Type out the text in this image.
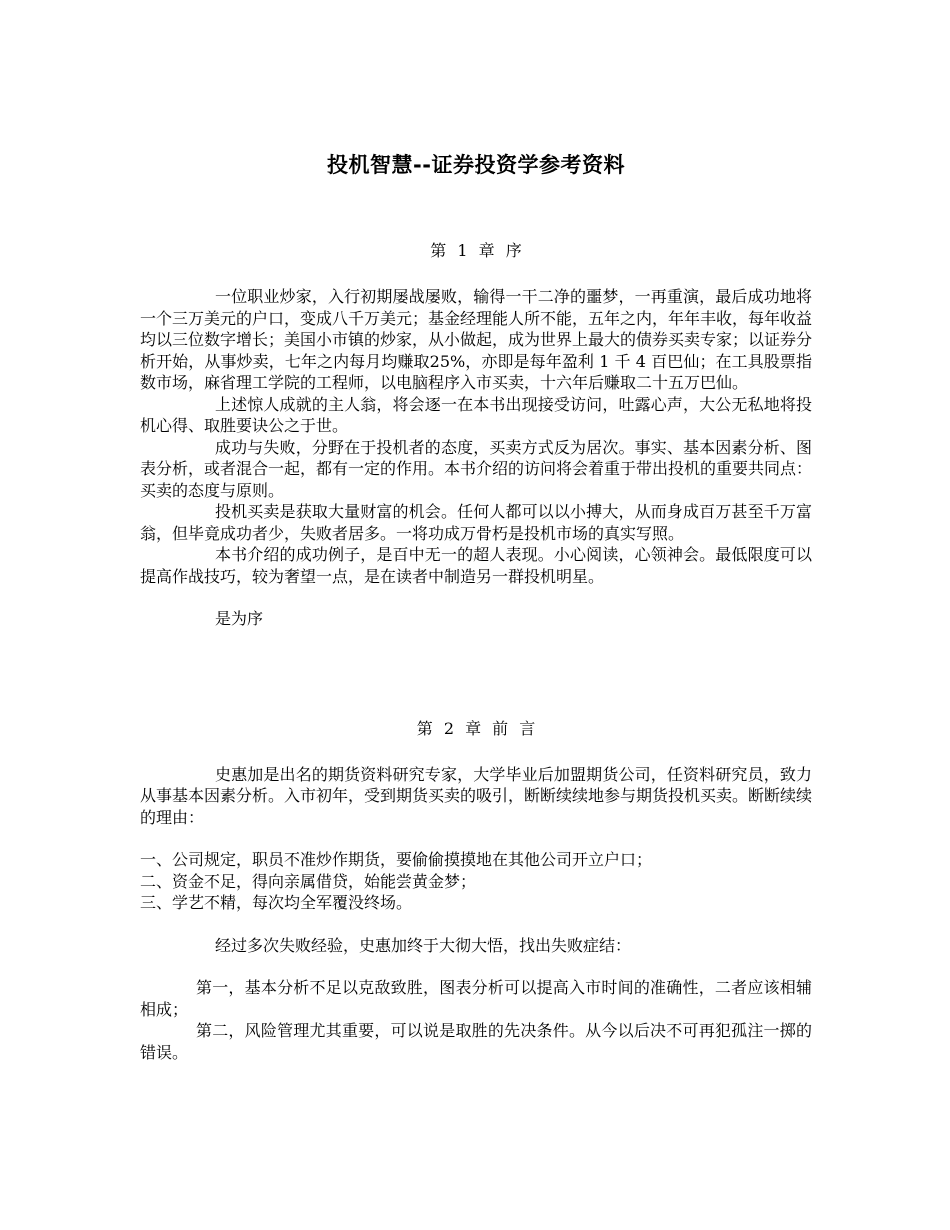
投机智慧--证券投资学参考资料
第 1 章 序

一位职业炒家，入行初期屡战屡败，输得一干二净的噩梦，一再重演，最后成功地将一个三万美元的户口，变成八千万美元；基金经理能人所不能，五年之内，年年丰收，每年收益均以三位数字增长；美国小市镇的炒家，从小做起，成为世界上最大的债券买卖专家；以证券分析开始，从事炒卖，七年之内每月均赚取25%，亦即是每年盈利 1 千 4 百巴仙；在工具股票指数市场，麻省理工学院的工程师，以电脑程序入市买卖，十六年后赚取二十五万巴仙。

上述惊人成就的主人翁，将会逐一在本书出现接受访问，吐露心声，大公无私地将投机心得、取胜要诀公之于世。

成功与失败，分野在于投机者的态度，买卖方式反为居次。事实、基本因素分析、图表分析，或者混合一起，都有一定的作用。本书介绍的访问将会着重于带出投机的重要共同点：买卖的态度与原则。

投机买卖是获取大量财富的机会。任何人都可以以小搏大，从而身成百万甚至千万富翁，但毕竟成功者少，失败者居多。一将功成万骨朽是投机市场的真实写照。

本书介绍的成功例子，是百中无一的超人表现。小心阅读，心领神会。最低限度可以提高作战技巧，较为奢望一点，是在读者中制造另一群投机明星。

是为序

第 2 章 前 言

史惠加是出名的期货资料研究专家，大学毕业后加盟期货公司，任资料研究员，致力从事基本因素分析。入市初年，受到期货买卖的吸引，断断续续地参与期货投机买卖。断断续续的理由：

一、公司规定，职员不准炒作期货，要偷偷摸摸地在其他公司开立户口；
二、资金不足，得向亲属借贷，始能尝黄金梦；
三、学艺不精，每次均全军覆没终场。

经过多次失败经验，史惠加终于大彻大悟，找出失败症结：

第一，基本分析不足以克敌致胜，图表分析可以提高入市时间的准确性，二者应该相辅相成；

第二，风险管理尤其重要，可以说是取胜的先决条件。从今以后决不可再犯孤注一掷的错误。
